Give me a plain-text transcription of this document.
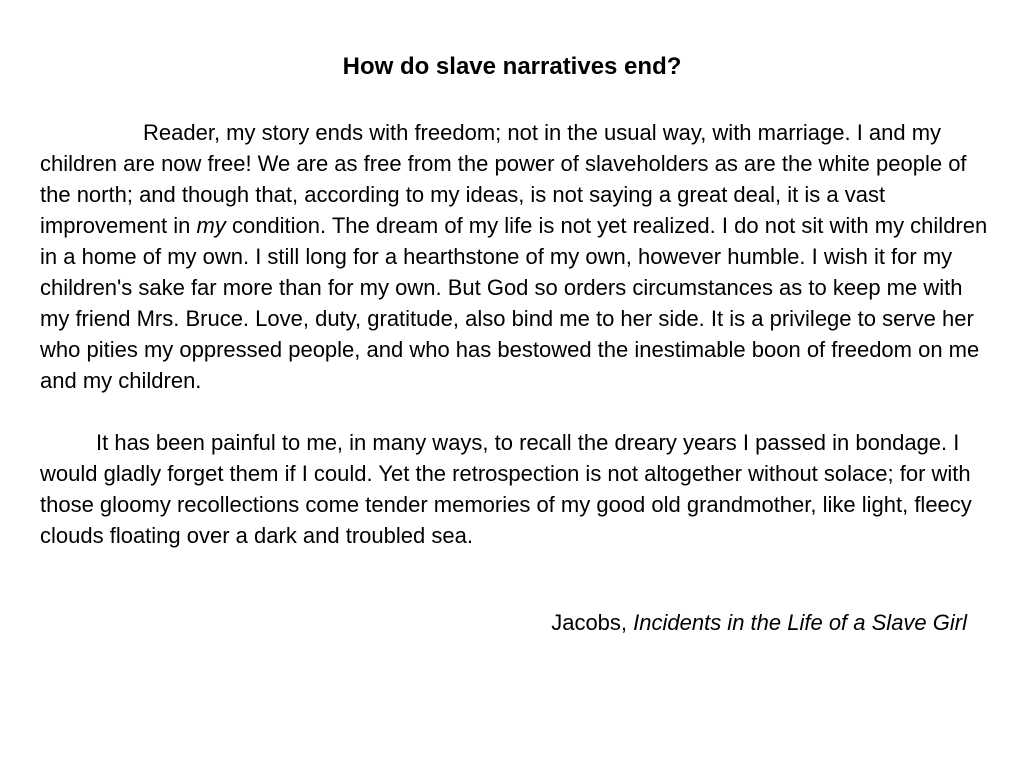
How do slave narratives end?

Reader, my story ends with freedom; not in the usual way, with marriage. I and my children are now free! We are as free from the power of slaveholders as are the white people of the north; and though that, according to my ideas, is not saying a great deal, it is a vast improvement in my condition. The dream of my life is not yet realized. I do not sit with my children in a home of my own. I still long for a hearthstone of my own, however humble. I wish it for my children's sake far more than for my own. But God so orders circumstances as to keep me with my friend Mrs. Bruce. Love, duty, gratitude, also bind me to her side. It is a privilege to serve her who pities my oppressed people, and who has bestowed the inestimable boon of freedom on me and my children.

It has been painful to me, in many ways, to recall the dreary years I passed in bondage. I would gladly forget them if I could. Yet the retrospection is not altogether without solace; for with those gloomy recollections come tender memories of my good old grandmother, like light, fleecy clouds floating over a dark and troubled sea.

Jacobs, Incidents in the Life of a Slave Girl
